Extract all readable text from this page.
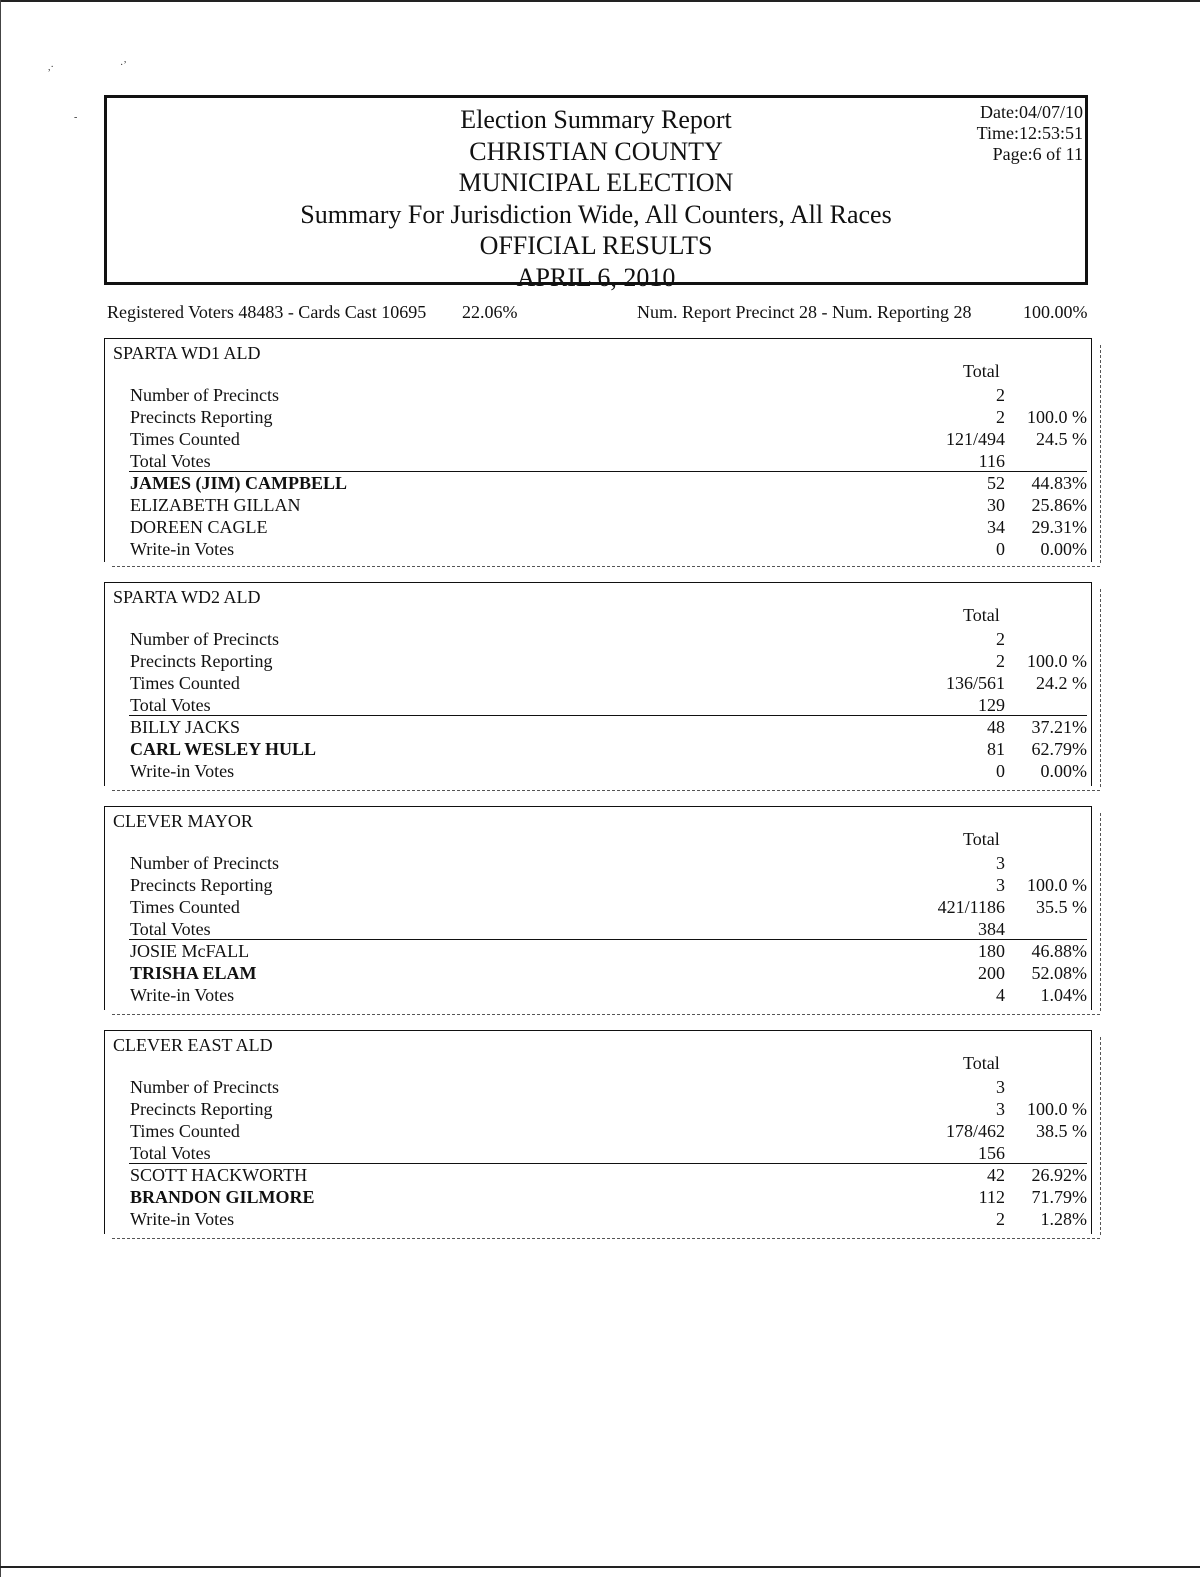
,·	·ʼ
-	Election Summary Report
CHRISTIAN COUNTY
MUNICIPAL ELECTION
Summary For Jurisdiction Wide, All Counters, All Races
OFFICIAL RESULTS
APRIL 6, 2010
Date:04/07/10
Time:12:53:51
Page:6 of 11
Registered Voters 48483 - Cards Cast 10695 22.06%	Num. Report Precinct 28 - Num. Reporting 28	100.00%
SPARTA WD1 ALD
Total
Number of Precincts	2
Precincts Reporting	2 100.0 %
Times Counted	121/494 24.5 %
Total Votes	116
JAMES (JIM) CAMPBELL	52 44.83%
ELIZABETH GILLAN	30 25.86%
DOREEN CAGLE	34 29.31%
Write-in Votes	0 0.00%
SPARTA WD2 ALD
Total
Number of Precincts	2
Precincts Reporting	2 100.0 %
Times Counted	136/561 24.2 %
Total Votes	129
BILLY JACKS	48 37.21%
CARL WESLEY HULL	81 62.79%
Write-in Votes	0 0.00%
CLEVER MAYOR
Total
Number of Precincts	3
Precincts Reporting	3 100.0 %
Times Counted	421/1186 35.5 %
Total Votes	384
JOSIE McFALL	180 46.88%
TRISHA ELAM	200 52.08%
Write-in Votes	4 1.04%
CLEVER EAST ALD
Total
Number of Precincts	3
Precincts Reporting	3 100.0 %
Times Counted	178/462 38.5 %
Total Votes	156
SCOTT HACKWORTH	42 26.92%
BRANDON GILMORE	112 71.79%
Write-in Votes	2 1.28%
